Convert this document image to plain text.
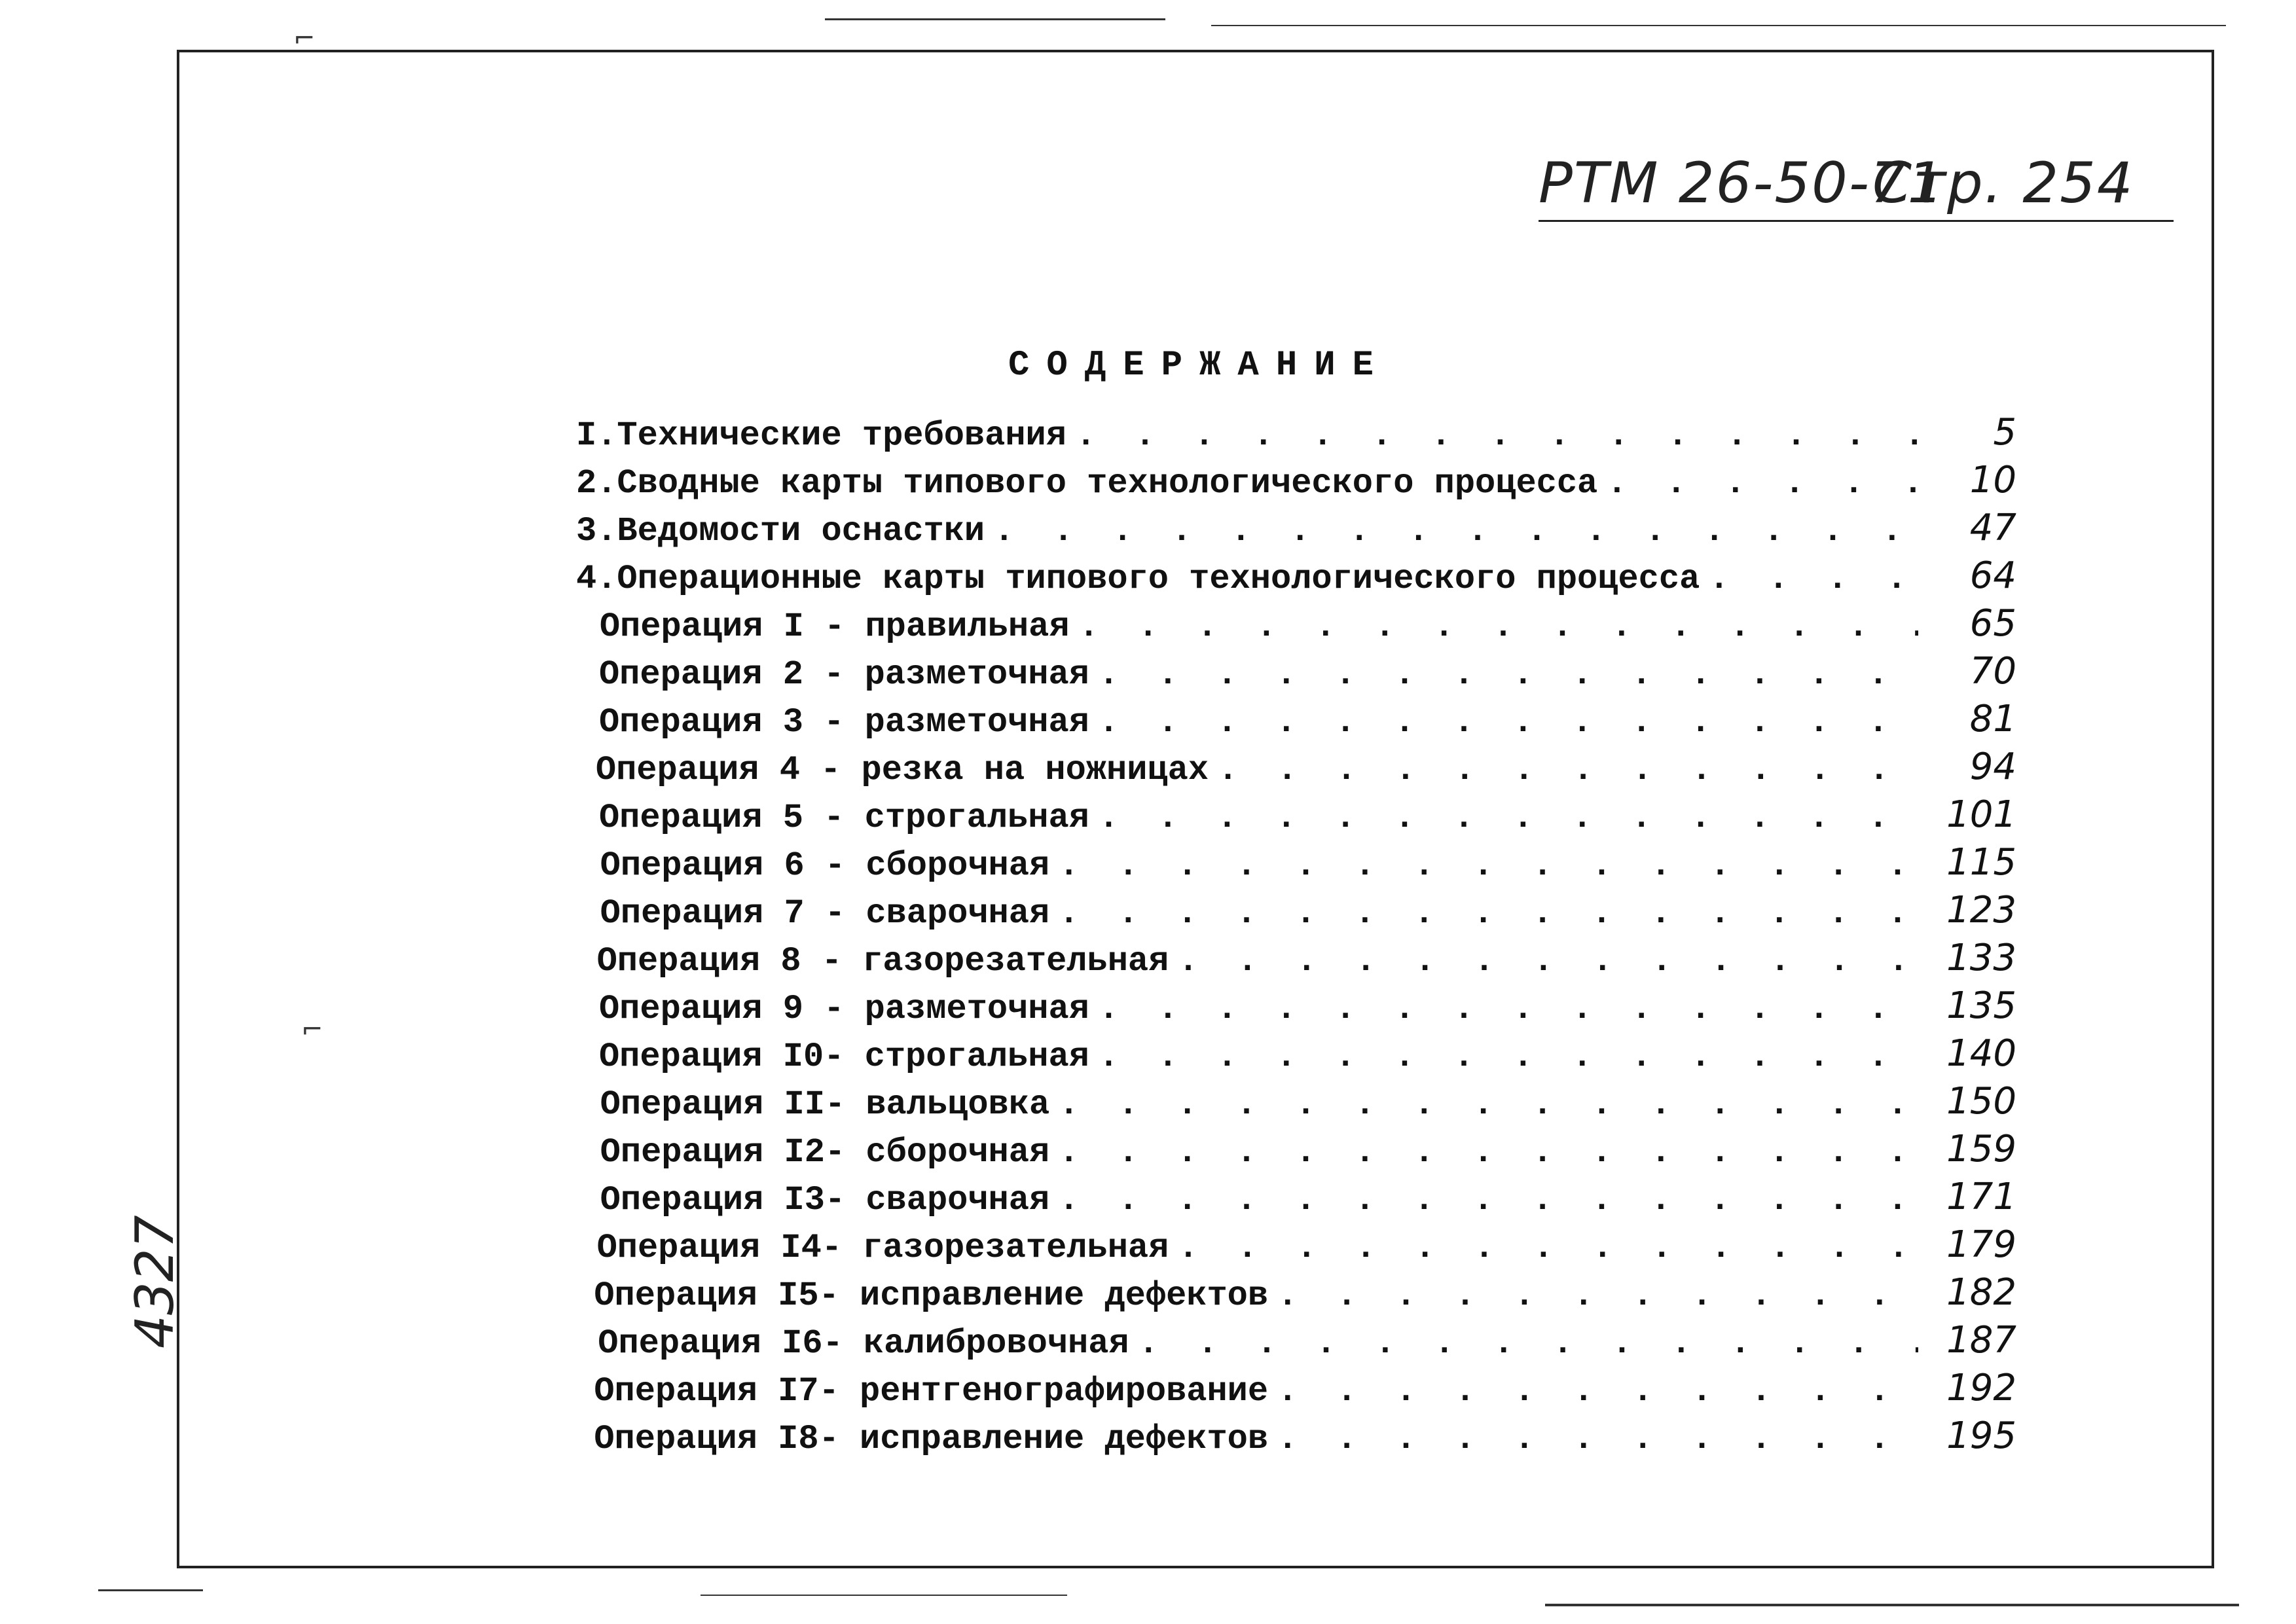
⌐
⌐
РТМ 26-50-71
Стр. 254
4327
СОДЕРЖАНИЕ
I. Технические требования . . .	5
2. Сводные карты типового технологического процесса . . .	10
3. Ведомости оснастки . . .	47
4. Операционные карты типового технологического процесса . . .	64
Операция I - правильная . . .	65
Операция 2 - разметочная . . .	70
Операция 3 - разметочная . . .	81
Операция 4 - резка на ножницах . . .	94
Операция 5 - строгальная . . .	101
Операция 6 - сборочная . . .	115
Операция 7 - сварочная . . .	123
Операция 8 - газорезательная . . .	133
Операция 9 - разметочная . . .	135
Операция I0- строгальная . . .	140
Операция II- вальцовка . . .	150
Операция I2- сборочная . . .	159
Операция I3- сварочная . . .	171
Операция I4- газорезательная . . .	179
Операция I5- исправление дефектов . . .	182
Операция I6- калибровочная . . .	187
Операция I7- рентгенографирование . . .	192
Операция I8- исправление дефектов . . .	195
